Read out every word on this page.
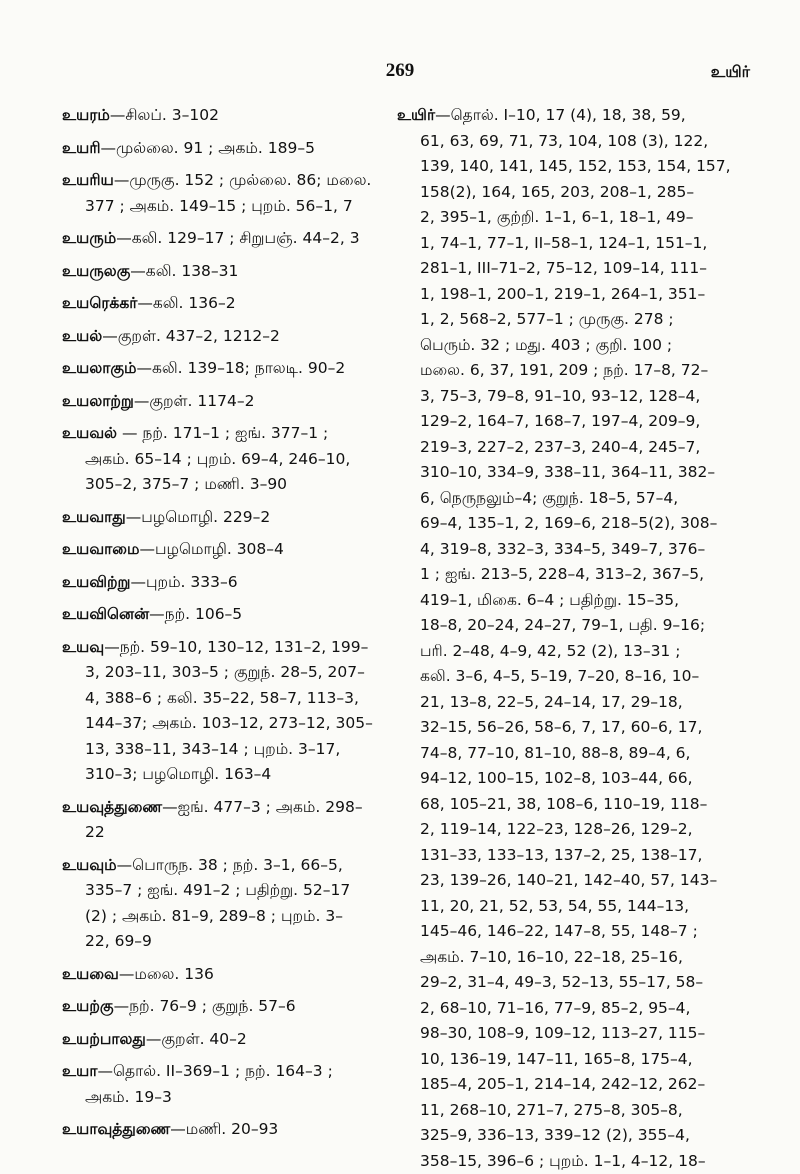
269	உயிர்
உயரம்—சிலப். 3–102
உயரி—முல்லை. 91 ; அகம். 189–5
உயரிய—முருகு. 152 ; முல்லை. 86; மலை.
377 ; அகம். 149–15 ; புறம். 56–1, 7
உயரும்—கலி. 129–17 ; சிறுபஞ். 44–2, 3
உயருலகு—கலி. 138–31
உயரெக்கர்—கலி. 136–2
உயல்—குறள். 437–2, 1212–2
உயலாகும்—கலி. 139–18; நாலடி. 90–2
உயலாற்று—குறள். 1174–2
உயவல் — நற். 171–1 ; ஐங். 377–1 ;
அகம். 65–14 ; புறம். 69–4, 246–10,
305–2, 375–7 ; மணி. 3–90
உயவாது—பழமொழி. 229–2
உயவாமை—பழமொழி. 308–4
உயவிற்று—புறம். 333–6
உயவினென்—நற். 106–5
உயவு—நற். 59–10, 130–12, 131–2, 199–
3, 203–11, 303–5 ; குறுந். 28–5, 207–
4, 388–6 ; கலி. 35–22, 58–7, 113–3,
144–37; அகம். 103–12, 273–12, 305–
13, 338–11, 343–14 ; புறம். 3–17,
310–3; பழமொழி. 163–4
உயவுத்துணை—ஐங். 477–3 ; அகம். 298–
22
உயவும்—பொருந. 38 ; நற். 3–1, 66–5,
335–7 ; ஐங். 491–2 ; பதிற்று. 52–17
(2) ; அகம். 81–9, 289–8 ; புறம். 3–
22, 69–9
உயவை—மலை. 136
உயற்கு—நற். 76–9 ; குறுந். 57–6
உயற்பாலது—குறள். 40–2
உயா—தொல். II–369–1 ; நற். 164–3 ;
அகம். 19–3
உயாவுத்துணை—மணி. 20–93
உயிர்—தொல். I–10, 17 (4), 18, 38, 59,
61, 63, 69, 71, 73, 104, 108 (3), 122,
139, 140, 141, 145, 152, 153, 154, 157,
158(2), 164, 165, 203, 208–1, 285–
2, 395–1, குற்றி. 1–1, 6–1, 18–1, 49–
1, 74–1, 77–1, II–58–1, 124–1, 151–1,
281–1, III–71–2, 75–12, 109–14, 111–
1, 198–1, 200–1, 219–1, 264–1, 351–
1, 2, 568–2, 577–1 ; முருகு. 278 ;
பெரும். 32 ; மது. 403 ; குறி. 100 ;
மலை. 6, 37, 191, 209 ; நற். 17–8, 72–
3, 75–3, 79–8, 91–10, 93–12, 128–4,
129–2, 164–7, 168–7, 197–4, 209–9,
219–3, 227–2, 237–3, 240–4, 245–7,
310–10, 334–9, 338–11, 364–11, 382–
6, நெருநலும்–4; குறுந். 18–5, 57–4,
69–4, 135–1, 2, 169–6, 218–5(2), 308–
4, 319–8, 332–3, 334–5, 349–7, 376–
1 ; ஐங். 213–5, 228–4, 313–2, 367–5,
419–1, மிகை. 6–4 ; பதிற்று. 15–35,
18–8, 20–24, 24–27, 79–1, பதி. 9–16;
பரி. 2–48, 4–9, 42, 52 (2), 13–31 ;
கலி. 3–6, 4–5, 5–19, 7–20, 8–16, 10–
21, 13–8, 22–5, 24–14, 17, 29–18,
32–15, 56–26, 58–6, 7, 17, 60–6, 17,
74–8, 77–10, 81–10, 88–8, 89–4, 6,
94–12, 100–15, 102–8, 103–44, 66,
68, 105–21, 38, 108–6, 110–19, 118–
2, 119–14, 122–23, 128–26, 129–2,
131–33, 133–13, 137–2, 25, 138–17,
23, 139–26, 140–21, 142–40, 57, 143–
11, 20, 21, 52, 53, 54, 55, 144–13,
145–46, 146–22, 147–8, 55, 148–7 ;
அகம். 7–10, 16–10, 22–18, 25–16,
29–2, 31–4, 49–3, 52–13, 55–17, 58–
2, 68–10, 71–16, 77–9, 85–2, 95–4,
98–30, 108–9, 109–12, 113–27, 115–
10, 136–19, 147–11, 165–8, 175–4,
185–4, 205–1, 214–14, 242–12, 262–
11, 268–10, 271–7, 275–8, 305–8,
325–9, 336–13, 339–12 (2), 355–4,
358–15, 396–6 ; புறம். 1–1, 4–12, 18–
